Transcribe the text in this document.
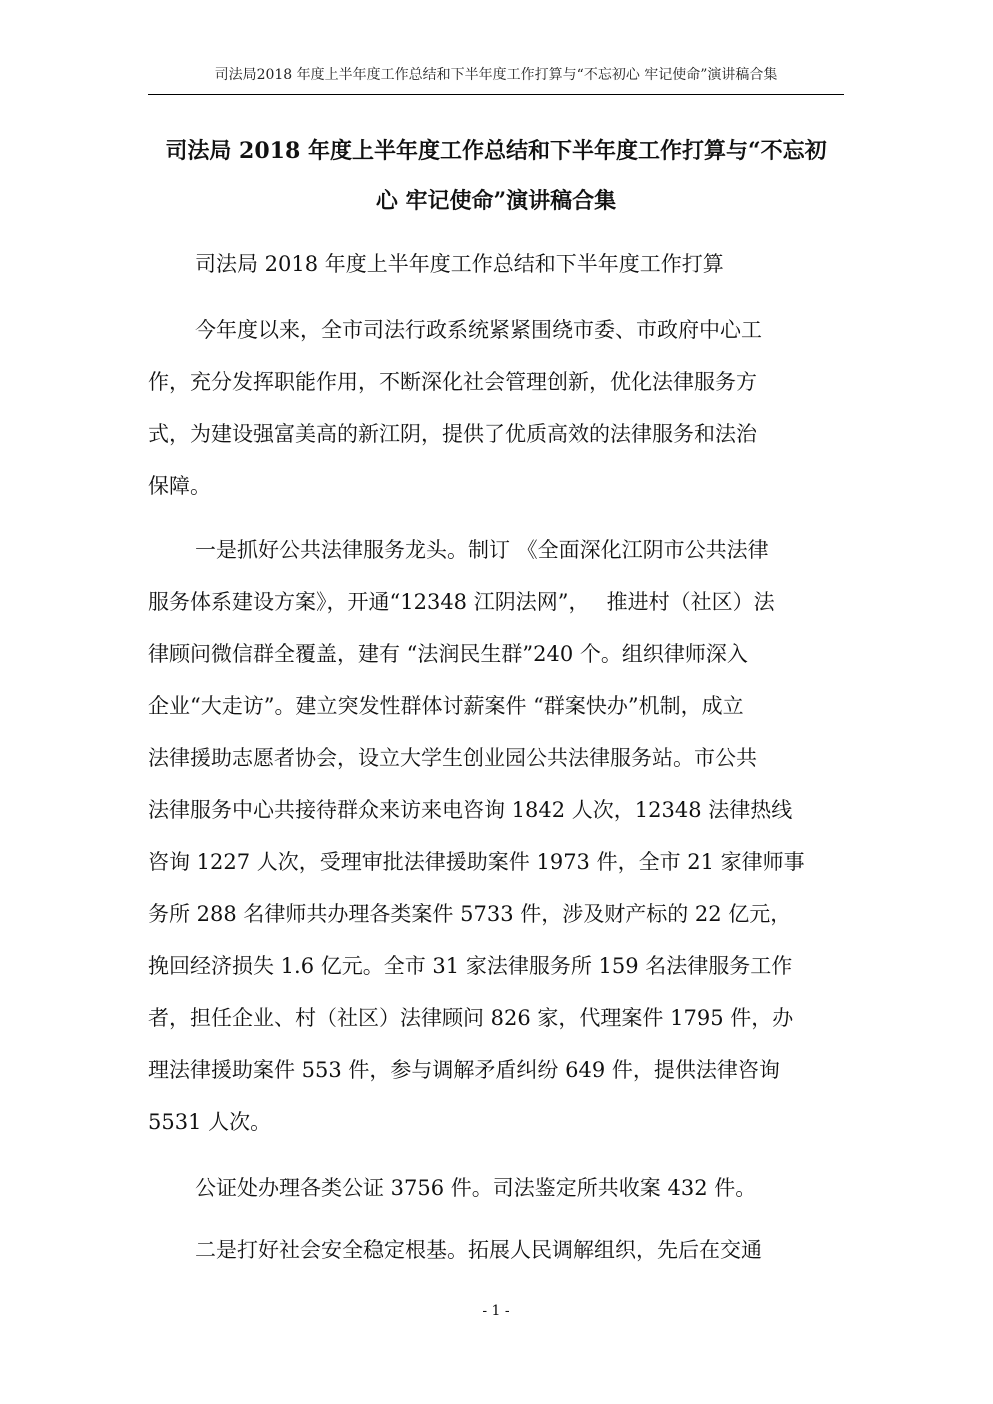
司法局2018 年度上半年度工作总结和下半年度工作打算与“不忘初心 牢记使命”演讲稿合集
司法局 2018 年度上半年度工作总结和下半年度工作打算与“不忘初
心 牢记使命”演讲稿合集
司法局 2018 年度上半年度工作总结和下半年度工作打算
今年度以来，全市司法行政系统紧紧围绕市委、市政府中心工
作，充分发挥职能作用，不断深化社会管理创新，优化法律服务方
式，为建设强富美高的新江阴，提供了优质高效的法律服务和法治
保障。
一是抓好公共法律服务龙头。制订 《全面深化江阴市公共法律
服务体系建设方案》，开通“12348 江阴法网”，　 推进村（社区）法
律顾问微信群全覆盖，建有 “法润民生群”240 个。组织律师深入
企业“大走访”。建立突发性群体讨薪案件 “群案快办”机制，成立
法律援助志愿者协会，设立大学生创业园公共法律服务站。市公共
法律服务中心共接待群众来访来电咨询 1842 人次，12348 法律热线
咨询 1227 人次，受理审批法律援助案件 1973 件，全市 21 家律师事
务所 288 名律师共办理各类案件 5733 件，涉及财产标的 22 亿元，
挽回经济损失 1.6 亿元。全市 31 家法律服务所 159 名法律服务工作
者，担任企业、村（社区）法律顾问 826 家，代理案件 1795 件，办
理法律援助案件 553 件，参与调解矛盾纠纷 649 件，提供法律咨询
5531 人次。
公证处办理各类公证 3756 件。司法鉴定所共收案 432 件。
二是打好社会安全稳定根基。拓展人民调解组织，先后在交通
- 1 -
